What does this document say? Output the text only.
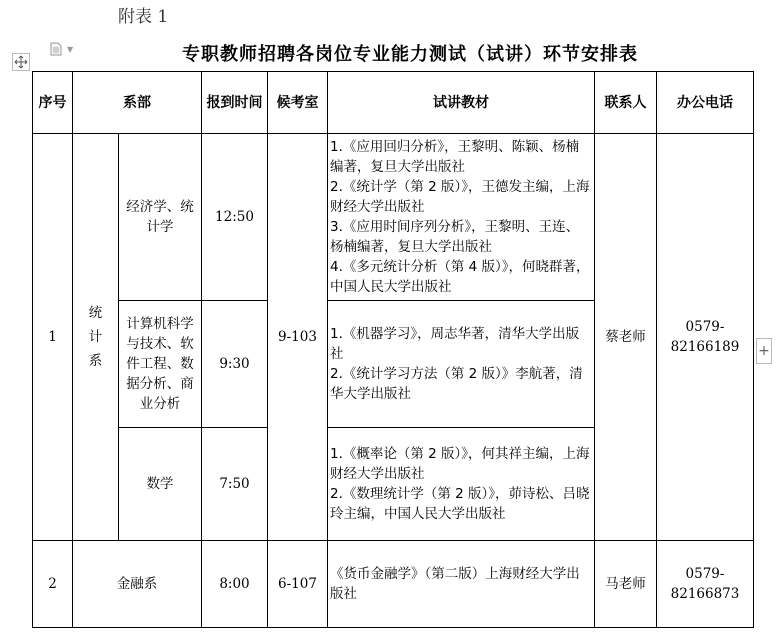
附表 1
▼	专职教师招聘各岗位专业能力测试（试讲）环节安排表
序号	系部		报到时间	候考室	试讲教材	联系人	办公电话
1	统计系	经济学、统计学	12:50	9-103	1.《应用回归分析》，王黎明、陈颖、杨楠编著，复旦大学出版社
2.《统计学（第 2 版）》，王德发主编，上海财经大学出版社
3.《应用时间序列分析》，王黎明、王连、杨楠编著，复旦大学出版社
4.《多元统计分析（第 4 版）》，何晓群著，中国人民大学出版社	蔡老师	0579-82166189
		计算机科学与技术、软件工程、数据分析、商业分析	9:30		1.《机器学习》，周志华著，清华大学出版社
2.《统计学习方法（第 2 版）》李航著，清华大学出版社		
		数学	7:50		1.《概率论（第 2 版）》，何其祥主编，上海财经大学出版社
2.《数理统计学（第 2 版）》，茆诗松、吕晓玲主编，中国人民大学出版社		
2	金融系		8:00	6-107	《货币金融学》（第二版）上海财经大学出版社	马老师	0579-82166873
+
